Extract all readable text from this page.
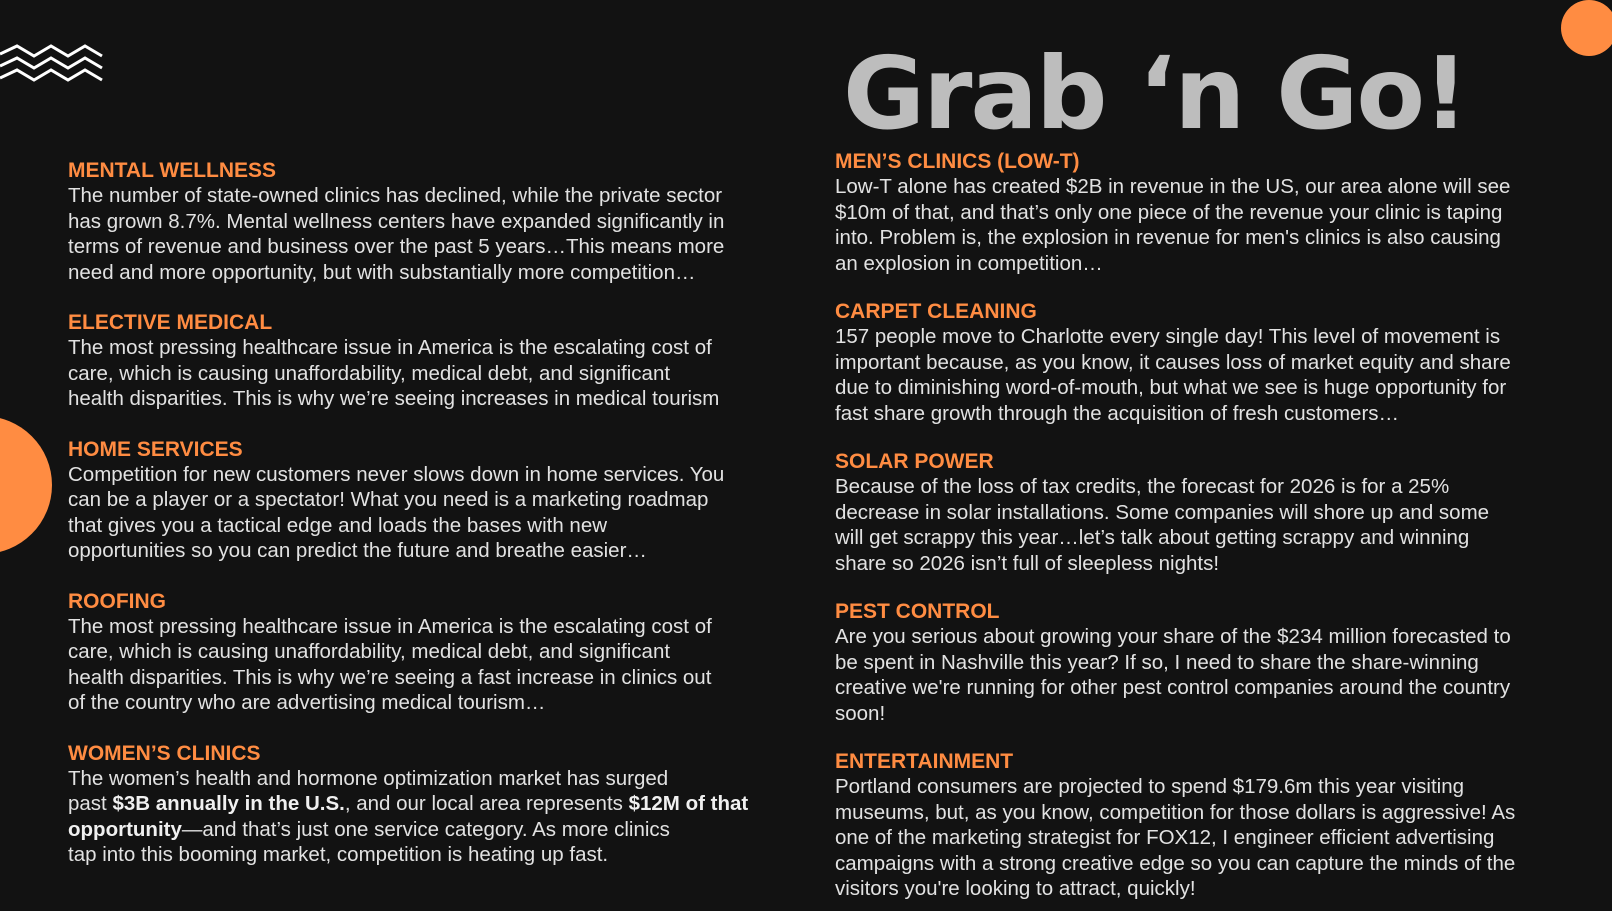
Grab ‘n Go!
MENTAL WELLNESS

The number of state-owned clinics has declined, while the private sector
has grown 8.7%. Mental wellness centers have expanded significantly in
terms of revenue and business over the past 5 years…This means more
need and more opportunity, but with substantially more competition…

ELECTIVE MEDICAL

The most pressing healthcare issue in America is the escalating cost of
care, which is causing unaffordability, medical debt, and significant
health disparities. This is why we’re seeing increases in medical tourism

HOME SERVICES

Competition for new customers never slows down in home services. You
can be a player or a spectator! What you need is a marketing roadmap
that gives you a tactical edge and loads the bases with new
opportunities so you can predict the future and breathe easier…

ROOFING

The most pressing healthcare issue in America is the escalating cost of
care, which is causing unaffordability, medical debt, and significant
health disparities. This is why we’re seeing a fast increase in clinics out
of the country who are advertising medical tourism…

WOMEN’S CLINICS

The women’s health and hormone optimization market has surged
past $3B annually in the U.S., and our local area represents $12M of that opportunity—and that’s just one service category. As more clinics
tap into this booming market, competition is heating up fast.

MEN’S CLINICS (LOW-T)

Low-T alone has created $2B in revenue in the US, our area alone will see
$10m of that, and that’s only one piece of the revenue your clinic is taping
into. Problem is, the explosion in revenue for men's clinics is also causing
an explosion in competition…

CARPET CLEANING

157 people move to Charlotte every single day! This level of movement is
important because, as you know, it causes loss of market equity and share
due to diminishing word-of-mouth, but what we see is huge opportunity for
fast share growth through the acquisition of fresh customers…

SOLAR POWER

Because of the loss of tax credits, the forecast for 2026 is for a 25%
decrease in solar installations. Some companies will shore up and some
will get scrappy this year…let’s talk about getting scrappy and winning
share so 2026 isn’t full of sleepless nights!

PEST CONTROL

Are you serious about growing your share of the $234 million forecasted to
be spent in Nashville this year? If so, I need to share the share-winning
creative we're running for other pest control companies around the country
soon!

ENTERTAINMENT

Portland consumers are projected to spend $179.6m this year visiting
museums, but, as you know, competition for those dollars is aggressive! As
one of the marketing strategist for FOX12, I engineer efficient advertising
campaigns with a strong creative edge so you can capture the minds of the
visitors you're looking to attract, quickly!
